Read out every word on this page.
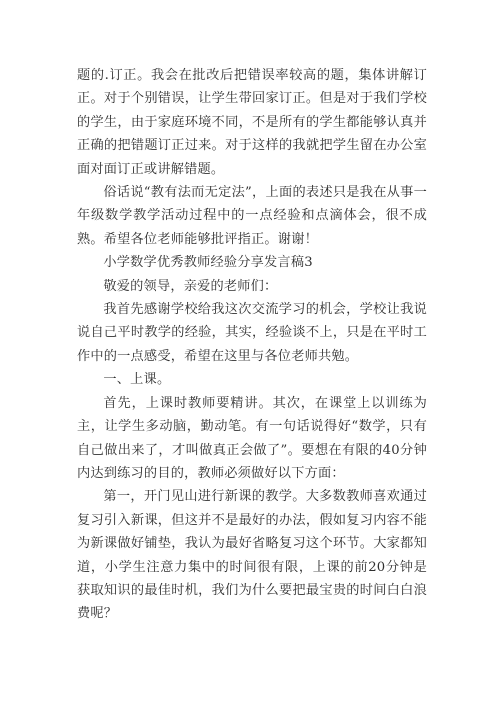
题的.订正。我会在批改后把错误率较高的题，集体讲解订正。对于个别错误，让学生带回家订正。但是对于我们学校的学生，由于家庭环境不同，不是所有的学生都能够认真并正确的把错题订正过来。对于这样的我就把学生留在办公室面对面订正或讲解错题。

俗话说“教有法而无定法”，上面的表述只是我在从事一年级数学教学活动过程中的一点经验和点滴体会，很不成熟。希望各位老师能够批评指正。谢谢！

小学数学优秀教师经验分享发言稿3

敬爱的领导，亲爱的老师们：

我首先感谢学校给我这次交流学习的机会，学校让我说说自己平时教学的经验，其实，经验谈不上，只是在平时工作中的一点感受，希望在这里与各位老师共勉。

一、上课。

首先，上课时教师要精讲。其次，在课堂上以训练为主，让学生多动脑，勤动笔。有一句话说得好“数学，只有自己做出来了，才叫做真正会做了”。要想在有限的40分钟内达到练习的目的，教师必须做好以下方面：

第一，开门见山进行新课的教学。大多数教师喜欢通过复习引入新课，但这并不是最好的办法，假如复习内容不能为新课做好铺垫，我认为最好省略复习这个环节。大家都知道，小学生注意力集中的时间很有限，上课的前20分钟是获取知识的最佳时机，我们为什么要把最宝贵的时间白白浪费呢？
